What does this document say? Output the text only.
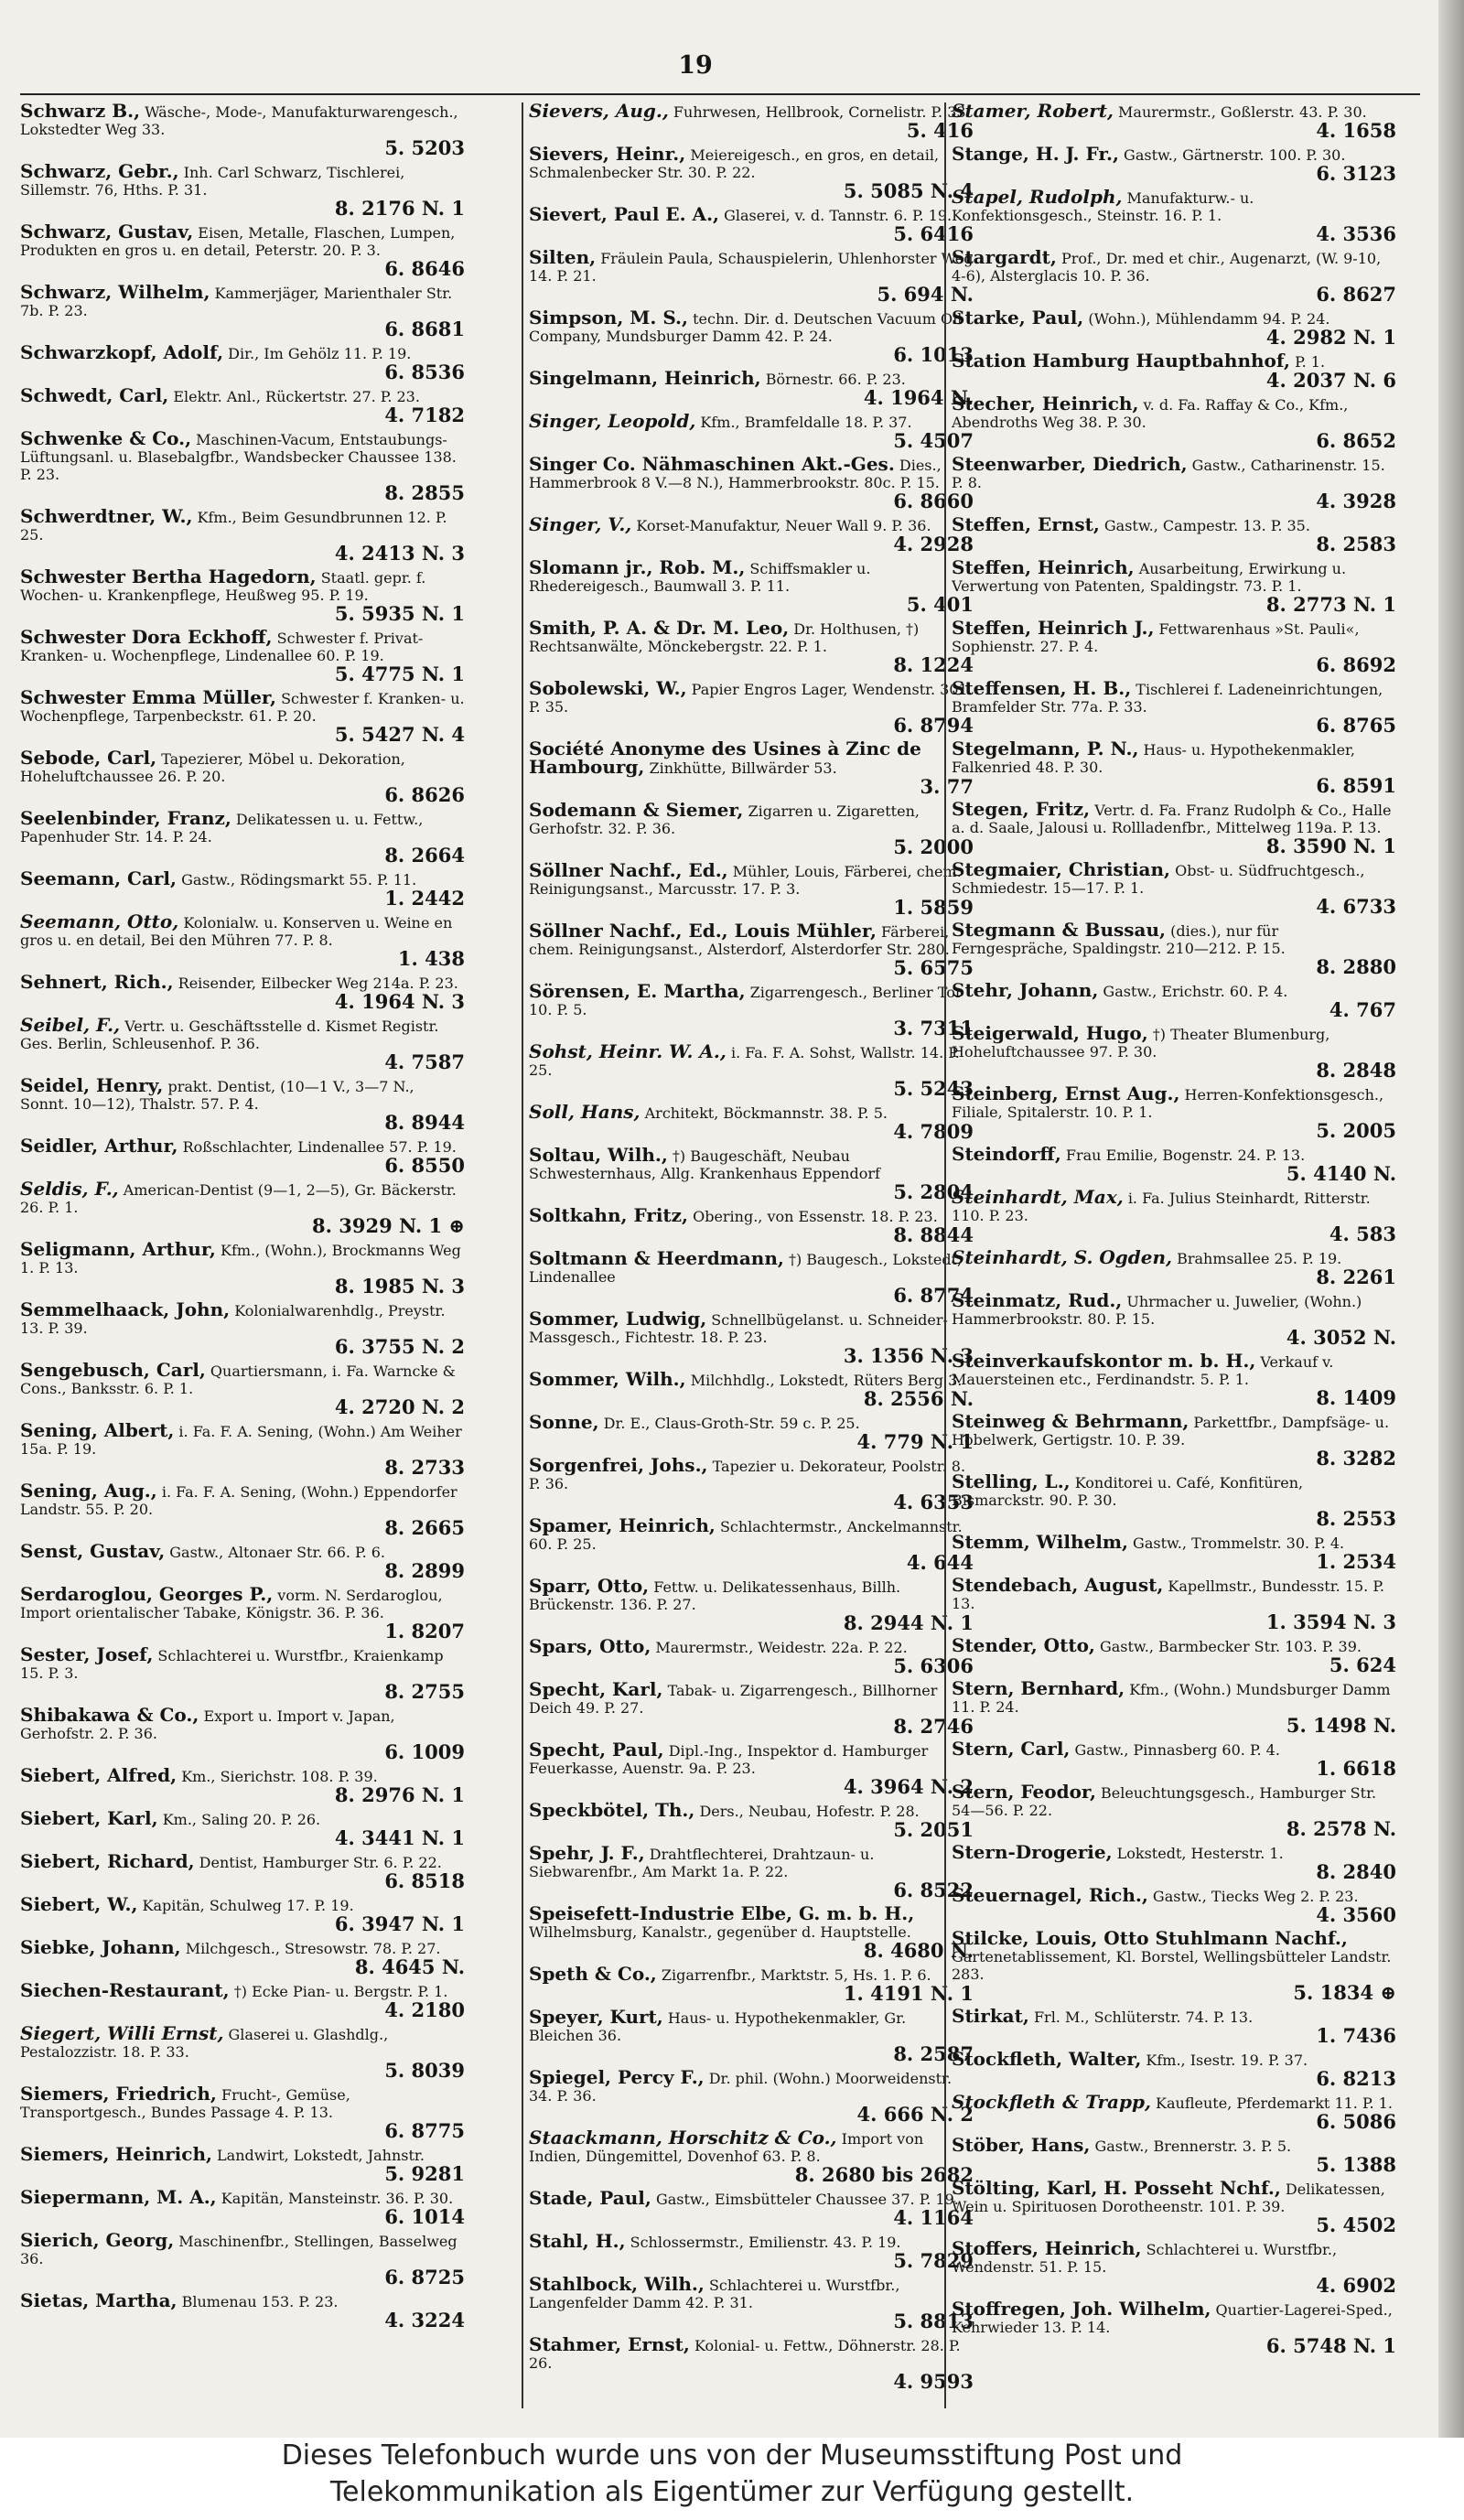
19
Schwarz B., Wäsche-, Mode-, Manufakturwarengesch., Lokstedter Weg 33.
5. 5203
Schwarz, Gebr., Inh. Carl Schwarz, Tischlerei, Sillemstr. 76, Hths. P. 31.
8. 2176 N. 1
Schwarz, Gustav, Eisen, Metalle, Flaschen, Lumpen, Produkten en gros u. en detail, Peterstr. 20. P. 3.
6. 8646
Schwarz, Wilhelm, Kammerjäger, Marienthaler Str. 7b. P. 23.
6. 8681
Schwarzkopf, Adolf, Dir., Im Gehölz 11. P. 19.
6. 8536
Schwedt, Carl, Elektr. Anl., Rückertstr. 27. P. 23.
4. 7182
Schwenke & Co., Maschinen-Vacum, Entstaubungs-Lüftungsanl. u. Blasebalgfbr., Wandsbecker Chaussee 138. P. 23.
8. 2855
Schwerdtner, W., Kfm., Beim Gesundbrunnen 12. P. 25.
4. 2413 N. 3
Schwester Bertha Hagedorn, Staatl. gepr. f. Wochen- u. Krankenpflege, Heußweg 95. P. 19.
5. 5935 N. 1
Schwester Dora Eckhoff, Schwester f. Privat-Kranken- u. Wochenpflege, Lindenallee 60. P. 19.
5. 4775 N. 1
Schwester Emma Müller, Schwester f. Kranken- u. Wochenpflege, Tarpenbeckstr. 61. P. 20.
5. 5427 N. 4
Sebode, Carl, Tapezierer, Möbel u. Dekoration, Hoheluftchaussee 26. P. 20.
6. 8626
Seelenbinder, Franz, Delikatessen u. u. Fettw., Papenhuder Str. 14. P. 24.
8. 2664
Seemann, Carl, Gastw., Rödingsmarkt 55. P. 11.
1. 2442
Seemann, Otto, Kolonialw. u. Konserven u. Weine en gros u. en detail, Bei den Mühren 77. P. 8.
1. 438
Sehnert, Rich., Reisender, Eilbecker Weg 214a. P. 23.
4. 1964 N. 3
Seibel, F., Vertr. u. Geschäftsstelle d. Kismet Registr. Ges. Berlin, Schleusenhof. P. 36.
4. 7587
Seidel, Henry, prakt. Dentist, (10—1 V., 3—7 N., Sonnt. 10—12), Thalstr. 57. P. 4.
8. 8944
Seidler, Arthur, Roßschlachter, Lindenallee 57. P. 19.
6. 8550
Seldis, F., American-Dentist (9—1, 2—5), Gr. Bäckerstr. 26. P. 1.
8. 3929 N. 1 ⊕
Seligmann, Arthur, Kfm., (Wohn.), Brockmanns Weg 1. P. 13.
8. 1985 N. 3
Semmelhaack, John, Kolonialwarenhdlg., Preystr. 13. P. 39.
6. 3755 N. 2
Sengebusch, Carl, Quartiersmann, i. Fa. Warncke & Cons., Banksstr. 6. P. 1.
4. 2720 N. 2
Sening, Albert, i. Fa. F. A. Sening, (Wohn.) Am Weiher 15a. P. 19.
8. 2733
Sening, Aug., i. Fa. F. A. Sening, (Wohn.) Eppendorfer Landstr. 55. P. 20.
8. 2665
Senst, Gustav, Gastw., Altonaer Str. 66. P. 6.
8. 2899
Serdaroglou, Georges P., vorm. N. Serdaroglou, Import orientalischer Tabake, Königstr. 36. P. 36.
1. 8207
Sester, Josef, Schlachterei u. Wurstfbr., Kraienkamp 15. P. 3.
8. 2755
Shibakawa & Co., Export u. Import v. Japan, Gerhofstr. 2. P. 36.
6. 1009
Siebert, Alfred, Km., Sierichstr. 108. P. 39.
8. 2976 N. 1
Siebert, Karl, Km., Saling 20. P. 26.
4. 3441 N. 1
Siebert, Richard, Dentist, Hamburger Str. 6. P. 22.
6. 8518
Siebert, W., Kapitän, Schulweg 17. P. 19.
6. 3947 N. 1
Siebke, Johann, Milchgesch., Stresowstr. 78. P. 27.
8. 4645 N.
Siechen-Restaurant, †) Ecke Pian- u. Bergstr. P. 1.
4. 2180
Siegert, Willi Ernst, Glaserei u. Glashdlg., Pestalozzistr. 18. P. 33.
5. 8039
Siemers, Friedrich, Frucht-, Gemüse, Transportgesch., Bundes Passage 4. P. 13.
6. 8775
Siemers, Heinrich, Landwirt, Lokstedt, Jahnstr.
5. 9281
Siepermann, M. A., Kapitän, Mansteinstr. 36. P. 30.
6. 1014
Sierich, Georg, Maschinenfbr., Stellingen, Basselweg 36.
6. 8725
Sietas, Martha, Blumenau 153. P. 23.
4. 3224
Sievers, Aug., Fuhrwesen, Hellbrook, Cornelistr. P. 33.
5. 416
Sievers, Heinr., Meiereigesch., en gros, en detail, Schmalenbecker Str. 30. P. 22.
5. 5085 N. 4
Sievert, Paul E. A., Glaserei, v. d. Tannstr. 6. P. 19.
5. 6416
Silten, Fräulein Paula, Schauspielerin, Uhlenhorster Weg 14. P. 21.
5. 694 N.
Simpson, M. S., techn. Dir. d. Deutschen Vacuum Oil Company, Mundsburger Damm 42. P. 24.
6. 1013
Singelmann, Heinrich, Börnestr. 66. P. 23.
4. 1964 N.
Singer, Leopold, Kfm., Bramfeldalle 18. P. 37.
5. 4507
Singer Co. Nähmaschinen Akt.-Ges. Dies., Hammerbrook 8 V.—8 N.), Hammerbrookstr. 80c. P. 15.
6. 8660
Singer, V., Korset-Manufaktur, Neuer Wall 9. P. 36.
4. 2928
Slomann jr., Rob. M., Schiffsmakler u. Rhedereigesch., Baumwall 3. P. 11.
5. 401
Smith, P. A. & Dr. M. Leo, Dr. Holthusen, †) Rechtsanwälte, Mönckebergstr. 22. P. 1.
8. 1224
Sobolewski, W., Papier Engros Lager, Wendenstr. 301. P. 35.
6. 8794
Société Anonyme des Usines à Zinc de Hambourg, Zinkhütte, Billwärder 53.
3. 77
Sodemann & Siemer, Zigarren u. Zigaretten, Gerhofstr. 32. P. 36.
5. 2000
Söllner Nachf., Ed., Mühler, Louis, Färberei, chem. Reinigungsanst., Marcusstr. 17. P. 3.
1. 5859
Söllner Nachf., Ed., Louis Mühler, Färberei, chem. Reinigungsanst., Alsterdorf, Alsterdorfer Str. 280.
5. 6575
Sörensen, E. Martha, Zigarrengesch., Berliner Tor 10. P. 5.
3. 7311
Sohst, Heinr. W. A., i. Fa. F. A. Sohst, Wallstr. 14. P. 25.
5. 5243
Soll, Hans, Architekt, Böckmannstr. 38. P. 5.
4. 7809
Soltau, Wilh., †) Baugeschäft, Neubau Schwesternhaus, Allg. Krankenhaus Eppendorf
5. 2804
Soltkahn, Fritz, Obering., von Essenstr. 18. P. 23.
8. 8844
Soltmann & Heerdmann, †) Baugesch., Lokstedt, Lindenallee
6. 8774
Sommer, Ludwig, Schnellbügelanst. u. Schneider-Massgesch., Fichtestr. 18. P. 23.
3. 1356 N. 3
Sommer, Wilh., Milchhdlg., Lokstedt, Rüters Berg 3.
8. 2556 N.
Sonne, Dr. E., Claus-Groth-Str. 59 c. P. 25.
4. 779 N. 1
Sorgenfrei, Johs., Tapezier u. Dekorateur, Poolstr. 8. P. 36.
4. 6353
Spamer, Heinrich, Schlachtermstr., Anckelmannstr. 60. P. 25.
4. 644
Sparr, Otto, Fettw. u. Delikatessenhaus, Billh. Brückenstr. 136. P. 27.
8. 2944 N. 1
Spars, Otto, Maurermstr., Weidestr. 22a. P. 22.
5. 6306
Specht, Karl, Tabak- u. Zigarrengesch., Billhorner Deich 49. P. 27.
8. 2746
Specht, Paul, Dipl.-Ing., Inspektor d. Hamburger Feuerkasse, Auenstr. 9a. P. 23.
4. 3964 N. 2
Speckbötel, Th., Ders., Neubau, Hofestr. P. 28.
5. 2051
Spehr, J. F., Drahtflechterei, Drahtzaun- u. Siebwarenfbr., Am Markt 1a. P. 22.
6. 8522
Speisefett-Industrie Elbe, G. m. b. H., Wilhelmsburg, Kanalstr., gegenüber d. Hauptstelle.
8. 4680 N.
Speth & Co., Zigarrenfbr., Marktstr. 5, Hs. 1. P. 6.
1. 4191 N. 1
Speyer, Kurt, Haus- u. Hypothekenmakler, Gr. Bleichen 36.
8. 2587
Spiegel, Percy F., Dr. phil. (Wohn.) Moorweidenstr. 34. P. 36.
4. 666 N. 2
Staackmann, Horschitz & Co., Import von Indien, Düngemittel, Dovenhof 63. P. 8.
8. 2680 bis 2682
Stade, Paul, Gastw., Eimsbütteler Chaussee 37. P. 19.
4. 1164
Stahl, H., Schlossermstr., Emilienstr. 43. P. 19.
5. 7829
Stahlbock, Wilh., Schlachterei u. Wurstfbr., Langenfelder Damm 42. P. 31.
5. 8813
Stahmer, Ernst, Kolonial- u. Fettw., Döhnerstr. 28. P. 26.
4. 9593
Stamer, Robert, Maurermstr., Goßlerstr. 43. P. 30.
4. 1658
Stange, H. J. Fr., Gastw., Gärtnerstr. 100. P. 30.
6. 3123
Stapel, Rudolph, Manufakturw.- u. Konfektionsgesch., Steinstr. 16. P. 1.
4. 3536
Stargardt, Prof., Dr. med et chir., Augenarzt, (W. 9-10, 4-6), Alsterglacis 10. P. 36.
6. 8627
Starke, Paul, (Wohn.), Mühlendamm 94. P. 24.
4. 2982 N. 1
Station Hamburg Hauptbahnhof, P. 1.
4. 2037 N. 6
Stecher, Heinrich, v. d. Fa. Raffay & Co., Kfm., Abendroths Weg 38. P. 30.
6. 8652
Steenwarber, Diedrich, Gastw., Catharinenstr. 15. P. 8.
4. 3928
Steffen, Ernst, Gastw., Campestr. 13. P. 35.
8. 2583
Steffen, Heinrich, Ausarbeitung, Erwirkung u. Verwertung von Patenten, Spaldingstr. 73. P. 1.
8. 2773 N. 1
Steffen, Heinrich J., Fettwarenhaus »St. Pauli«, Sophienstr. 27. P. 4.
6. 8692
Steffensen, H. B., Tischlerei f. Ladeneinrichtungen, Bramfelder Str. 77a. P. 33.
6. 8765
Stegelmann, P. N., Haus- u. Hypothekenmakler, Falkenried 48. P. 30.
6. 8591
Stegen, Fritz, Vertr. d. Fa. Franz Rudolph & Co., Halle a. d. Saale, Jalousi u. Rollladenfbr., Mittelweg 119a. P. 13.
8. 3590 N. 1
Stegmaier, Christian, Obst- u. Südfruchtgesch., Schmiedestr. 15—17. P. 1.
4. 6733
Stegmann & Bussau, (dies.), nur für Ferngespräche, Spaldingstr. 210—212. P. 15.
8. 2880
Stehr, Johann, Gastw., Erichstr. 60. P. 4.
4. 767
Steigerwald, Hugo, †) Theater Blumenburg, Hoheluftchaussee 97. P. 30.
8. 2848
Steinberg, Ernst Aug., Herren-Konfektionsgesch., Filiale, Spitalerstr. 10. P. 1.
5. 2005
Steindorff, Frau Emilie, Bogenstr. 24. P. 13.
5. 4140 N.
Steinhardt, Max, i. Fa. Julius Steinhardt, Ritterstr. 110. P. 23.
4. 583
Steinhardt, S. Ogden, Brahmsallee 25. P. 19.
8. 2261
Steinmatz, Rud., Uhrmacher u. Juwelier, (Wohn.) Hammerbrookstr. 80. P. 15.
4. 3052 N.
Steinverkaufskontor m. b. H., Verkauf v. Mauersteinen etc., Ferdinandstr. 5. P. 1.
8. 1409
Steinweg & Behrmann, Parkettfbr., Dampfsäge- u. Hobelwerk, Gertigstr. 10. P. 39.
8. 3282
Stelling, L., Konditorei u. Café, Konfitüren, Bismarckstr. 90. P. 30.
8. 2553
Stemm, Wilhelm, Gastw., Trommelstr. 30. P. 4.
1. 2534
Stendebach, August, Kapellmstr., Bundesstr. 15. P. 13.
1. 3594 N. 3
Stender, Otto, Gastw., Barmbecker Str. 103. P. 39.
5. 624
Stern, Bernhard, Kfm., (Wohn.) Mundsburger Damm 11. P. 24.
5. 1498 N.
Stern, Carl, Gastw., Pinnasberg 60. P. 4.
1. 6618
Stern, Feodor, Beleuchtungsgesch., Hamburger Str. 54—56. P. 22.
8. 2578 N.
Stern-Drogerie, Lokstedt, Hesterstr. 1.
8. 2840
Steuernagel, Rich., Gastw., Tiecks Weg 2. P. 23.
4. 3560
Stilcke, Louis, Otto Stuhlmann Nachf., Gartenetablissement, Kl. Borstel, Wellingsbütteler Landstr. 283.
5. 1834 ⊕
Stirkat, Frl. M., Schlüterstr. 74. P. 13.
1. 7436
Stockfleth, Walter, Kfm., Isestr. 19. P. 37.
6. 8213
Stockfleth & Trapp, Kaufleute, Pferdemarkt 11. P. 1.
6. 5086
Stöber, Hans, Gastw., Brennerstr. 3. P. 5.
5. 1388
Stölting, Karl, H. Posseht Nchf., Delikatessen, Wein u. Spirituosen Dorotheenstr. 101. P. 39.
5. 4502
Stoffers, Heinrich, Schlachterei u. Wurstfbr., Wendenstr. 51. P. 15.
4. 6902
Stoffregen, Joh. Wilhelm, Quartier-Lagerei-Sped., Kehrwieder 13. P. 14.
6. 5748 N. 1
Dieses Telefonbuch wurde uns von der Museumsstiftung Post und
Telekommunikation als Eigentümer zur Verfügung gestellt.
